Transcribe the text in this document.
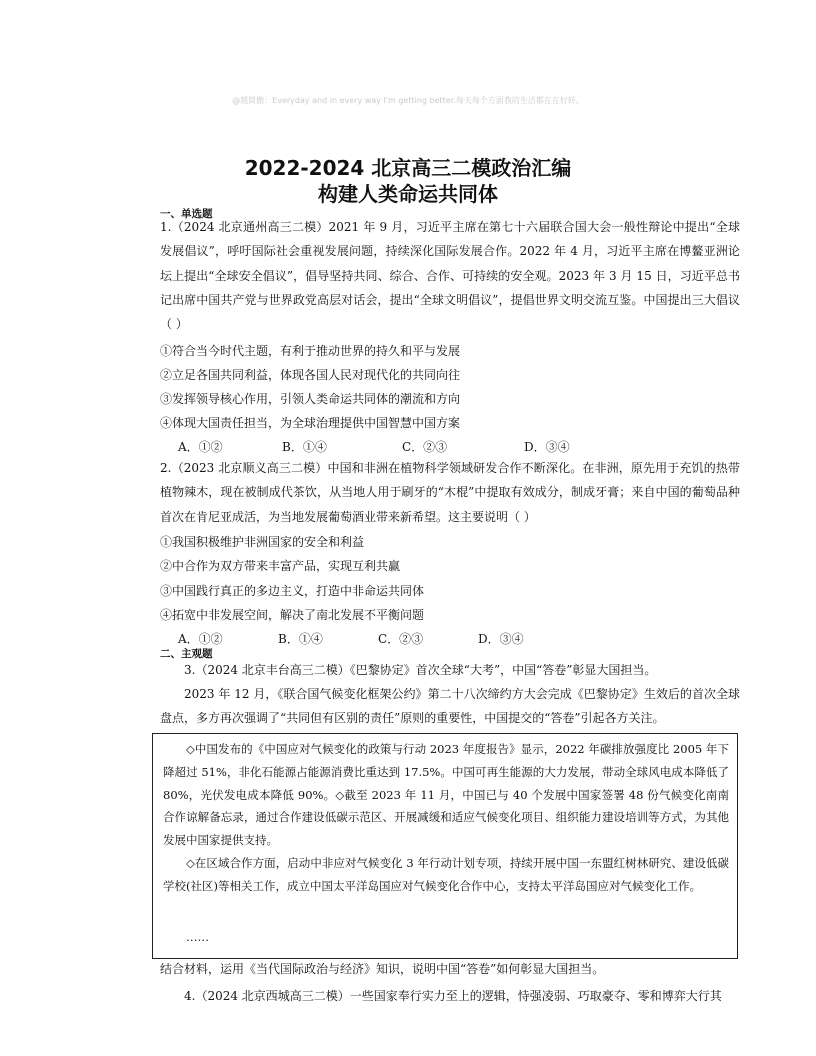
@越简傲：Everyday and in every way I'm getting better.每天每个方面我的生活都在在好转。
2022-2024 北京高三二模政治汇编
构建人类命运共同体
一、单选题
1.（2024 北京通州高三二模）2021 年 9 月，习近平主席在第七十六届联合国大会一般性辩论中提出“全球发展倡议”，呼吁国际社会重视发展问题，持续深化国际发展合作。2022 年 4 月，习近平主席在博鳌亚洲论坛上提出“全球安全倡议”，倡导坚持共同、综合、合作、可持续的安全观。2023 年 3 月 15 日，习近平总书记出席中国共产党与世界政党高层对话会，提出“全球文明倡议”，提倡世界文明交流互鉴。中国提出三大倡议（ ）
①符合当今时代主题，有利于推动世界的持久和平与发展
②立足各国共同利益，体现各国人民对现代化的共同向往
③发挥领导核心作用，引领人类命运共同体的潮流和方向
④体现大国责任担当，为全球治理提供中国智慧中国方案
A．①②	B．①④	C．②③	D．③④
2.（2023 北京顺义高三二模）中国和非洲在植物科学领域研发合作不断深化。在非洲，原先用于充饥的热带植物辣木，现在被制成代茶饮，从当地人用于刷牙的“木棍”中提取有效成分，制成牙膏；来自中国的葡萄品种首次在肯尼亚成活，为当地发展葡萄酒业带来新希望。这主要说明（ ）
①我国积极维护非洲国家的安全和利益
②中合作为双方带来丰富产品，实现互利共赢
③中国践行真正的多边主义，打造中非命运共同体
④拓宽中非发展空间，解决了南北发展不平衡问题
A．①②	B．①④	C．②③	D．③④
二、主观题
3.（2024 北京丰台高三二模）《巴黎协定》首次全球“大考”，中国“答卷”彰显大国担当。
2023 年 12 月，《联合国气候变化框架公约》第二十八次缔约方大会完成《巴黎协定》生效后的首次全球盘点，多方再次强调了“共同但有区别的责任”原则的重要性，中国提交的“答卷”引起各方关注。
◇中国发布的《中国应对气候变化的政策与行动 2023 年度报告》显示，2022 年碳排放强度比 2005 年下降超过 51%，非化石能源占能源消费比重达到 17.5%。中国可再生能源的大力发展，带动全球风电成本降低了 80%，光伏发电成本降低 90%。◇截至 2023 年 11 月，中国已与 40 个发展中国家签署 48 份气候变化南南合作谅解备忘录，通过合作建设低碳示范区、开展减缓和适应气候变化项目、组织能力建设培训等方式，为其他发展中国家提供支持。
◇在区域合作方面，启动中非应对气候变化 3 年行动计划专项，持续开展中国一东盟红树林研究、建设低碳学校(社区)等相关工作，成立中国太平洋岛国应对气候变化合作中心，支持太平洋岛国应对气候变化工作。
……
结合材料，运用《当代国际政治与经济》知识，说明中国“答卷”如何彰显大国担当。
4.（2024 北京西城高三二模）一些国家奉行实力至上的逻辑，恃强凌弱、巧取豪夺、零和博弈大行其
